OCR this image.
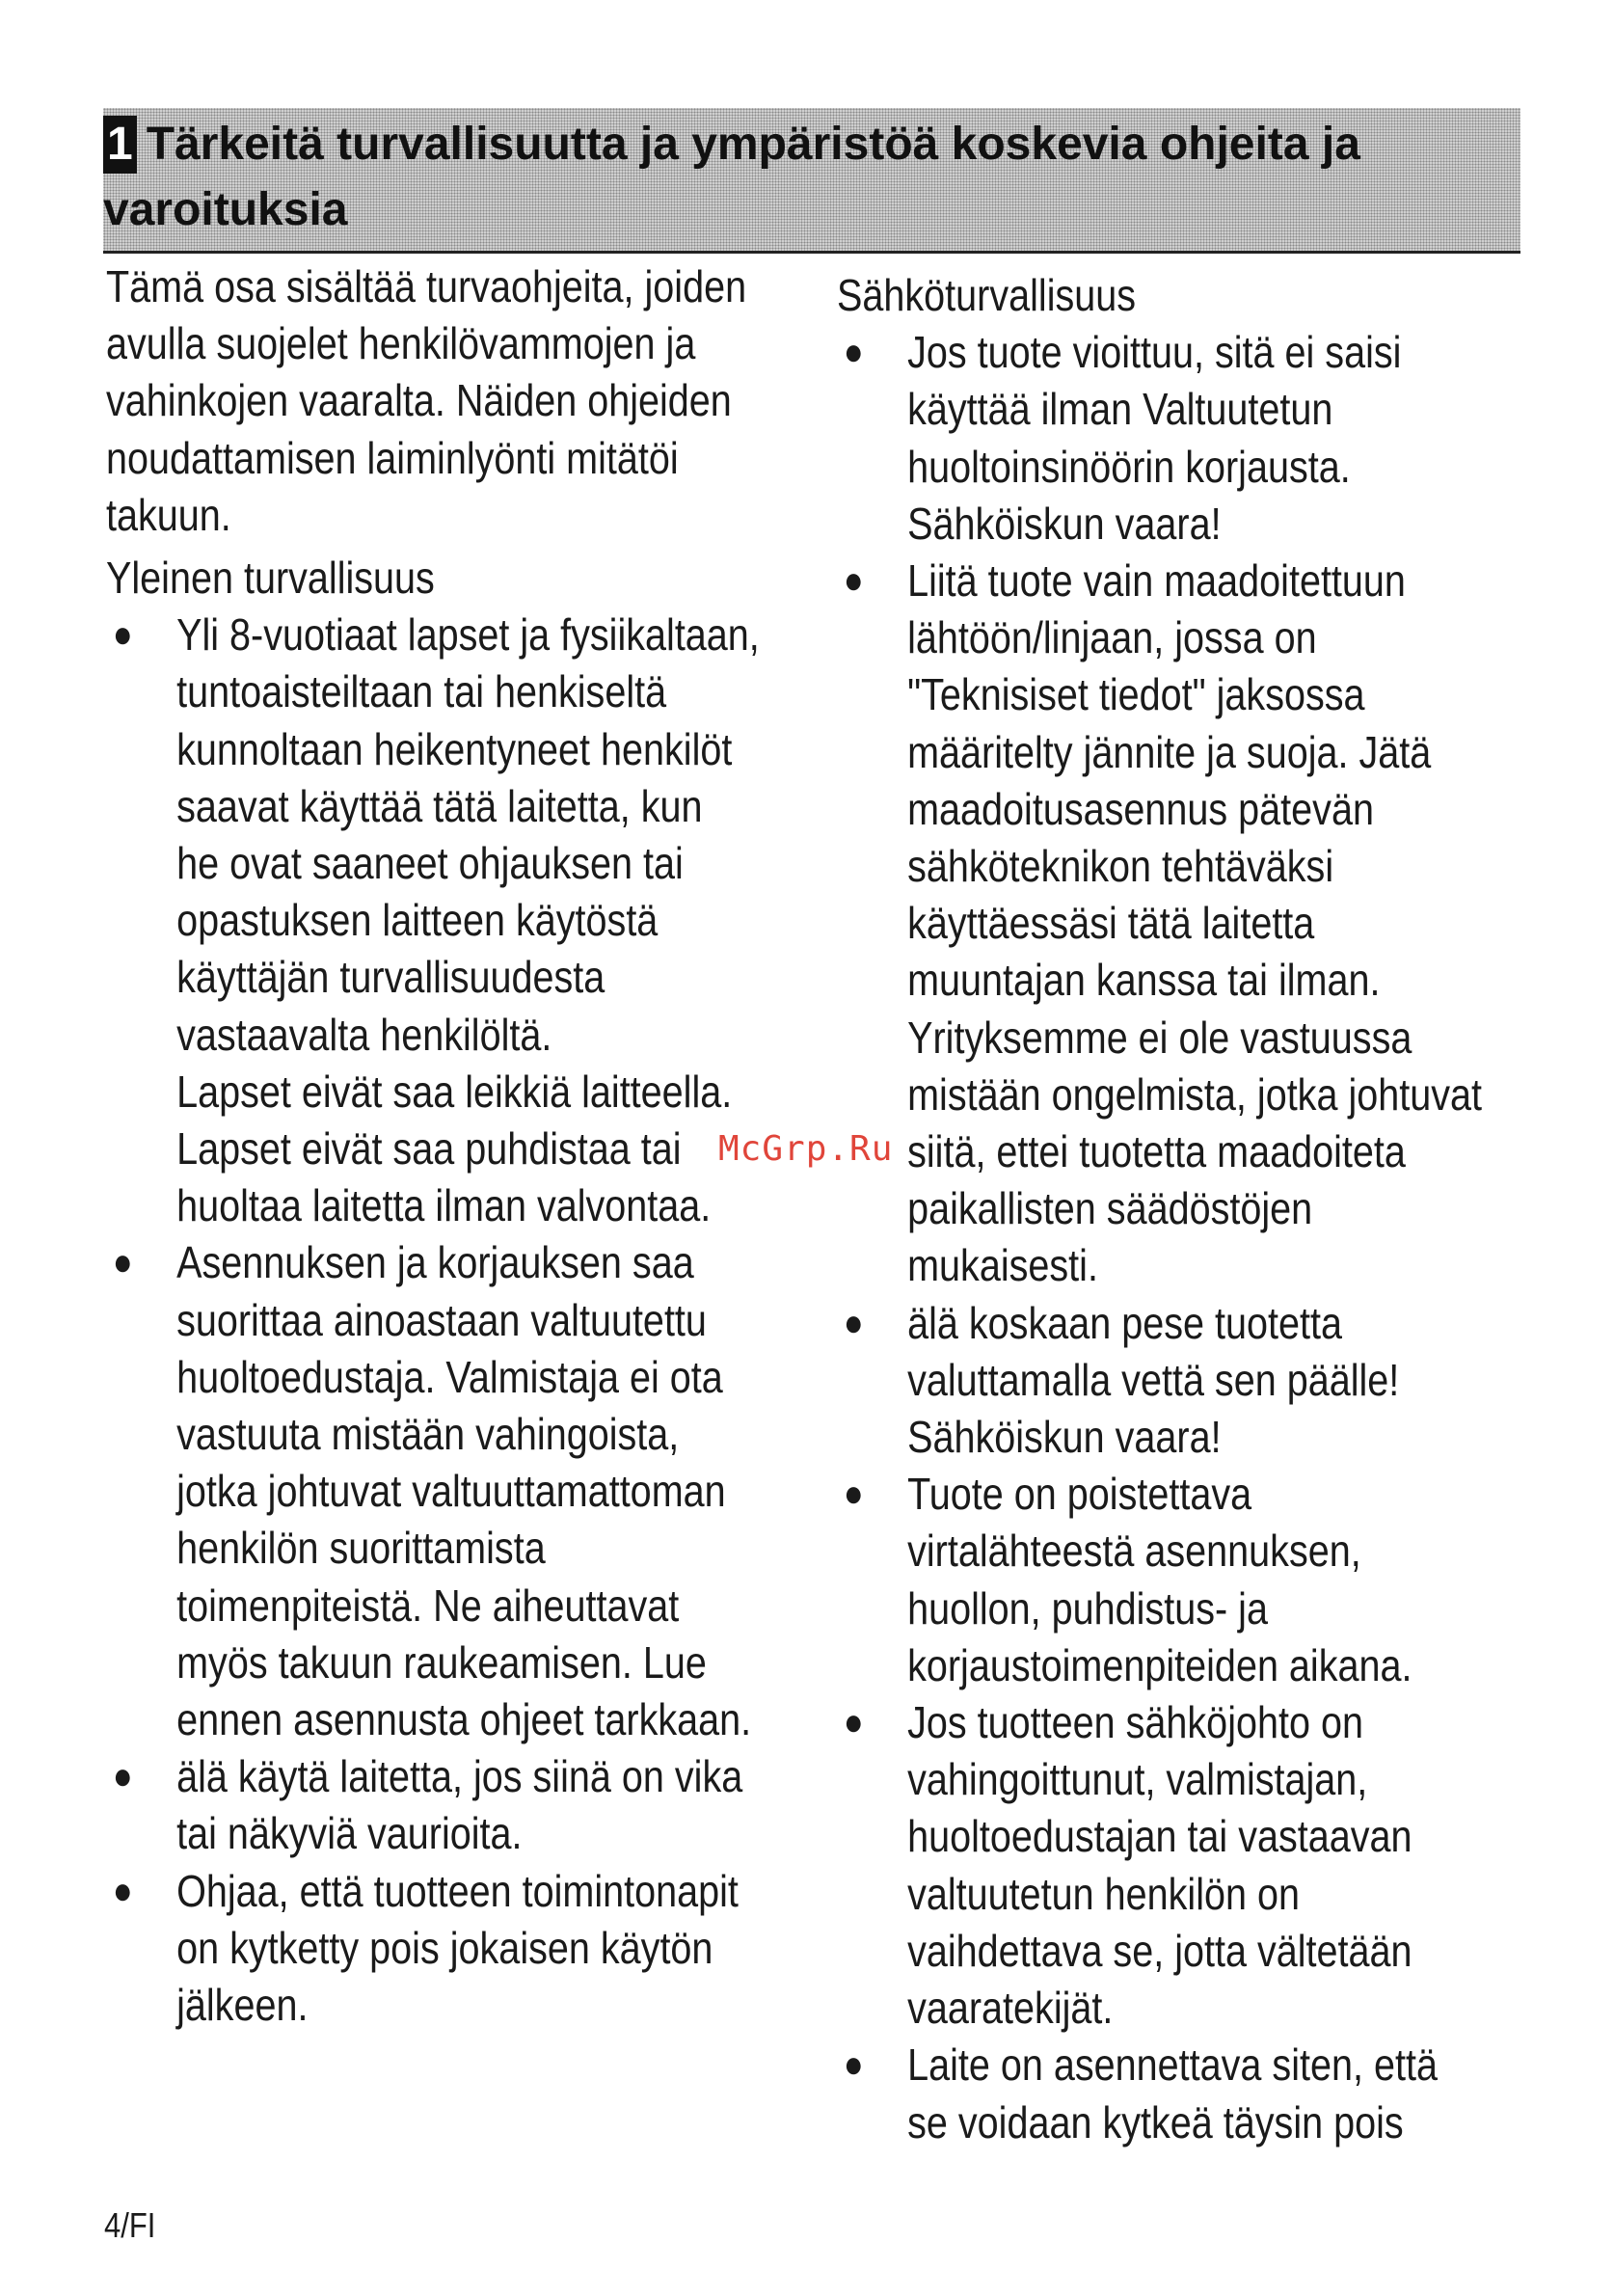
1 Tärkeitä turvallisuutta ja ympäristöä koskevia ohjeita ja
varoituksia
Tämä osa sisältää turvaohjeita, joiden
avulla suojelet henkilövammojen ja
vahinkojen vaaralta. Näiden ohjeiden
noudattamisen laiminlyönti mitätöi
takuun.
Yleinen turvallisuus
● Yli 8-vuotiaat lapset ja fysiikaltaan,
tuntoaisteiltaan tai henkiseltä
kunnoltaan heikentyneet henkilöt
saavat käyttää tätä laitetta, kun
he ovat saaneet ohjauksen tai
opastuksen laitteen käytöstä
käyttäjän turvallisuudesta
vastaavalta henkilöltä.
Lapset eivät saa leikkiä laitteella.
Lapset eivät saa puhdistaa tai
huoltaa laitetta ilman valvontaa.
● Asennuksen ja korjauksen saa
suorittaa ainoastaan valtuutettu
huoltoedustaja. Valmistaja ei ota
vastuuta mistään vahingoista,
jotka johtuvat valtuuttamattoman
henkilön suorittamista
toimenpiteistä. Ne aiheuttavat
myös takuun raukeamisen. Lue
ennen asennusta ohjeet tarkkaan.
● älä käytä laitetta, jos siinä on vika
tai näkyviä vaurioita.
● Ohjaa, että tuotteen toimintonapit
on kytketty pois jokaisen käytön
jälkeen.
Sähköturvallisuus
● Jos tuote vioittuu, sitä ei saisi
käyttää ilman Valtuutetun
huoltoinsinöörin korjausta.
Sähköiskun vaara!
● Liitä tuote vain maadoitettuun
lähtöön/linjaan, jossa on
"Teknisiset tiedot" jaksossa
määritelty jännite ja suoja. Jätä
maadoitusasennus pätevän
sähköteknikon tehtäväksi
käyttäessäsi tätä laitetta
muuntajan kanssa tai ilman.
Yrityksemme ei ole vastuussa
mistään ongelmista, jotka johtuvat
siitä, ettei tuotetta maadoiteta
paikallisten säädöstöjen
mukaisesti.
● älä koskaan pese tuotetta
valuttamalla vettä sen päälle!
Sähköiskun vaara!
● Tuote on poistettava
virtalähteestä asennuksen,
huollon, puhdistus- ja
korjaustoimenpiteiden aikana.
● Jos tuotteen sähköjohto on
vahingoittunut, valmistajan,
huoltoedustajan tai vastaavan
valtuutetun henkilön on
vaihdettava se, jotta vältetään
vaaratekijät.
● Laite on asennettava siten, että
se voidaan kytkeä täysin pois
McGrp.Ru
4/FI
